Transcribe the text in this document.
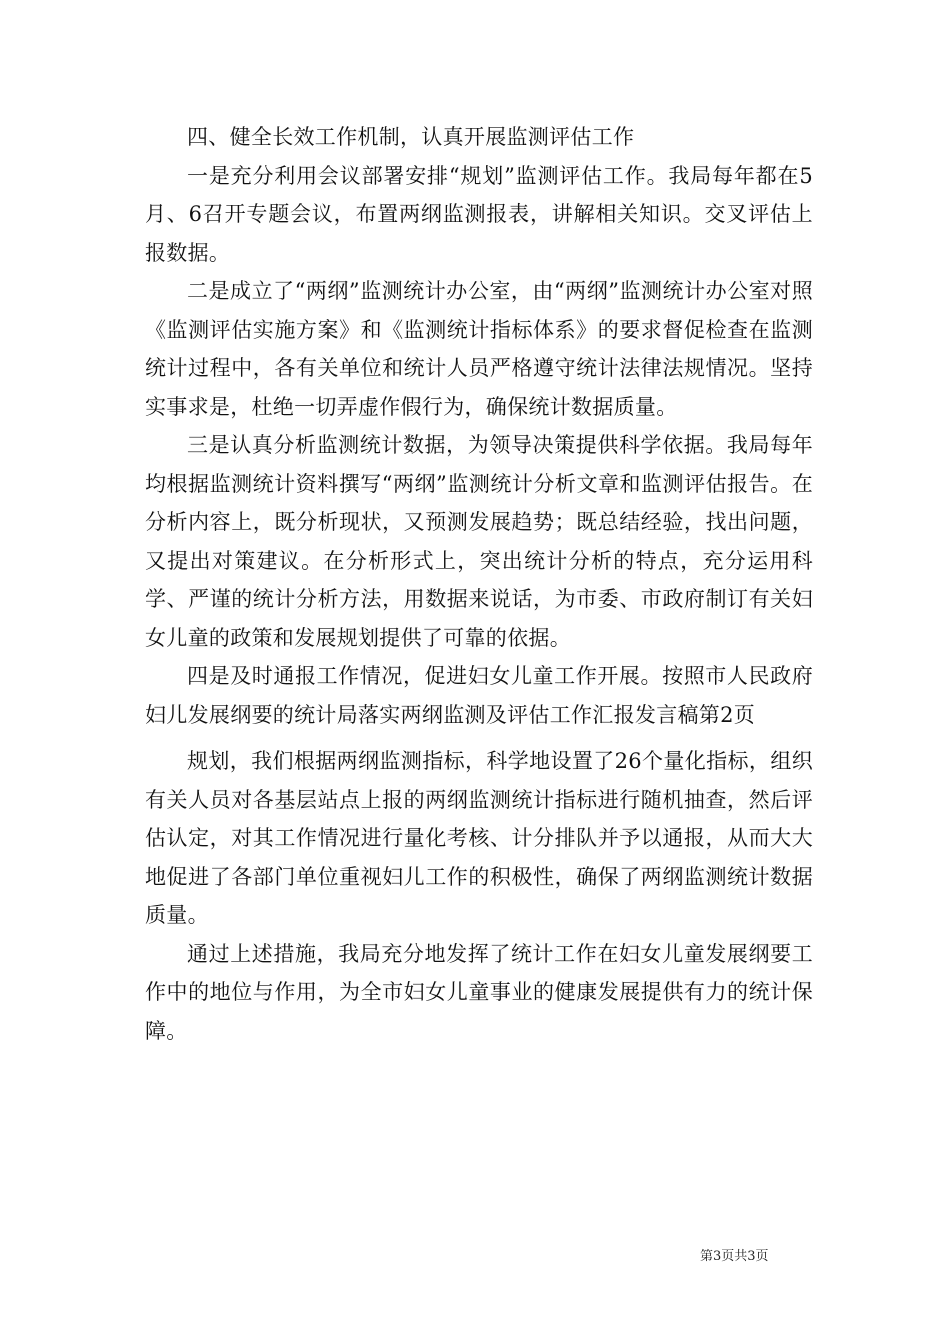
四、健全长效工作机制，认真开展监测评估工作

一是充分利用会议部署安排“规划”监测评估工作。我局每年都在5月、6召开专题会议，布置两纲监测报表，讲解相关知识。交叉评估上报数据。

二是成立了“两纲”监测统计办公室，由“两纲”监测统计办公室对照《监测评估实施方案》和《监测统计指标体系》的要求督促检查在监测统计过程中，各有关单位和统计人员严格遵守统计法律法规情况。坚持实事求是，杜绝一切弄虚作假行为，确保统计数据质量。

三是认真分析监测统计数据，为领导决策提供科学依据。我局每年均根据监测统计资料撰写“两纲”监测统计分析文章和监测评估报告。在分析内容上，既分析现状，又预测发展趋势；既总结经验，找出问题，又提出对策建议。在分析形式上，突出统计分析的特点，充分运用科学、严谨的统计分析方法，用数据来说话，为市委、市政府制订有关妇女儿童的政策和发展规划提供了可靠的依据。

四是及时通报工作情况，促进妇女儿童工作开展。按照市人民政府妇儿发展纲要的统计局落实两纲监测及评估工作汇报发言稿第2页

规划，我们根据两纲监测指标，科学地设置了26个量化指标，组织有关人员对各基层站点上报的两纲监测统计指标进行随机抽查，然后评估认定，对其工作情况进行量化考核、计分排队并予以通报，从而大大地促进了各部门单位重视妇儿工作的积极性，确保了两纲监测统计数据质量。

通过上述措施，我局充分地发挥了统计工作在妇女儿童发展纲要工作中的地位与作用，为全市妇女儿童事业的健康发展提供有力的统计保障。

第3页共3页
